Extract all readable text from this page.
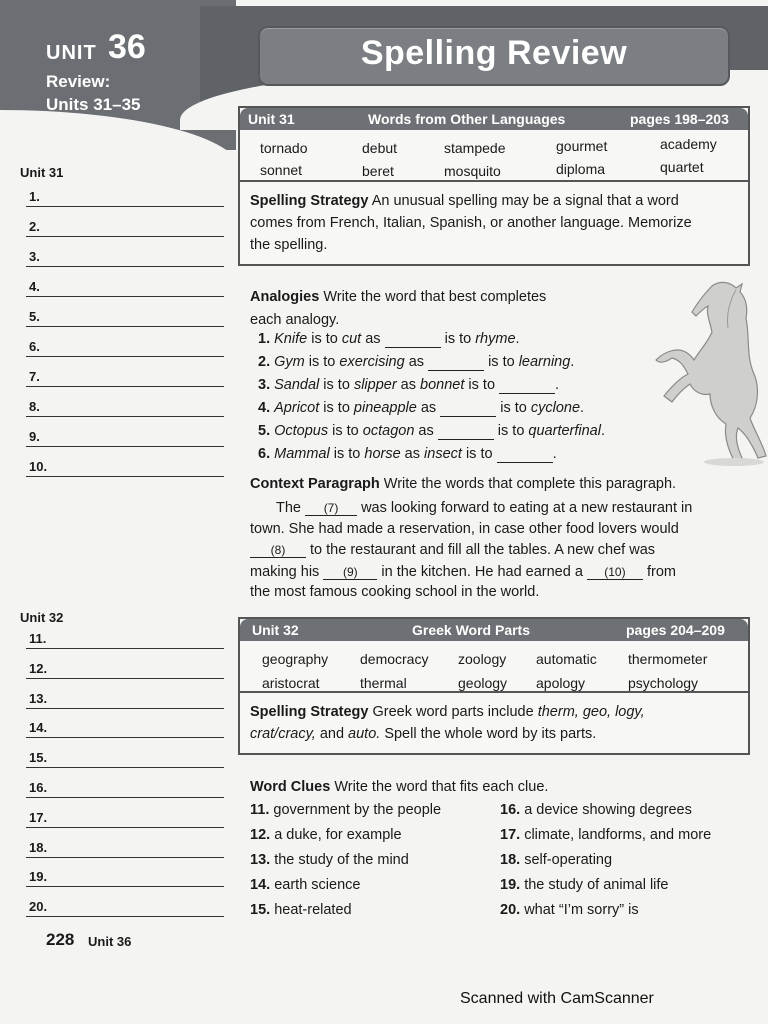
UNIT 36
Review:
Units 31–35
Spelling Review
Unit 31
1.
2.
3.
4.
5.
6.
7.
8.
9.
10.
Unit 32
11.
12.
13.
14.
15.
16.
17.
18.
19.
20.
Unit 31	Words from Other Languages	pages 198–203
tornado	debut	stampede	gourmet	academy
sonnet	beret	mosquito	diploma	quartet
Spelling Strategy An unusual spelling may be a signal that a word
comes from French, Italian, Spanish, or another language. Memorize
the spelling.
Analogies Write the word that best completes
each analogy.
1. Knife is to cut as	is to rhyme.
2. Gym is to exercising as	is to learning.
3. Sandal is to slipper as bonnet is to	.
4. Apricot is to pineapple as	is to cyclone.
5. Octopus is to octagon as	is to quarterfinal.
6. Mammal is to horse as insect is to	.
Context Paragraph Write the words that complete this paragraph.
The (7) was looking forward to eating at a new restaurant in
town. She had made a reservation, in case other food lovers would
(8) to the restaurant and fill all the tables. A new chef was
making his (9) in the kitchen. He had earned a (10) from
the most famous cooking school in the world.
Unit 32	Greek Word Parts	pages 204–209
geography democracy zoology automatic thermometer
aristocrat	thermal	geology apology	psychology
Spelling Strategy Greek word parts include therm, geo, logy,
crat/cracy, and auto. Spell the whole word by its parts.
Word Clues Write the word that fits each clue.
11. government by the people
12. a duke, for example
13. the study of the mind
14. earth science
15. heat-related
16. a device showing degrees
17. climate, landforms, and more
18. self-operating
19. the study of animal life
20. what “I’m sorry” is
228 Unit 36
Scanned with CamScanner
